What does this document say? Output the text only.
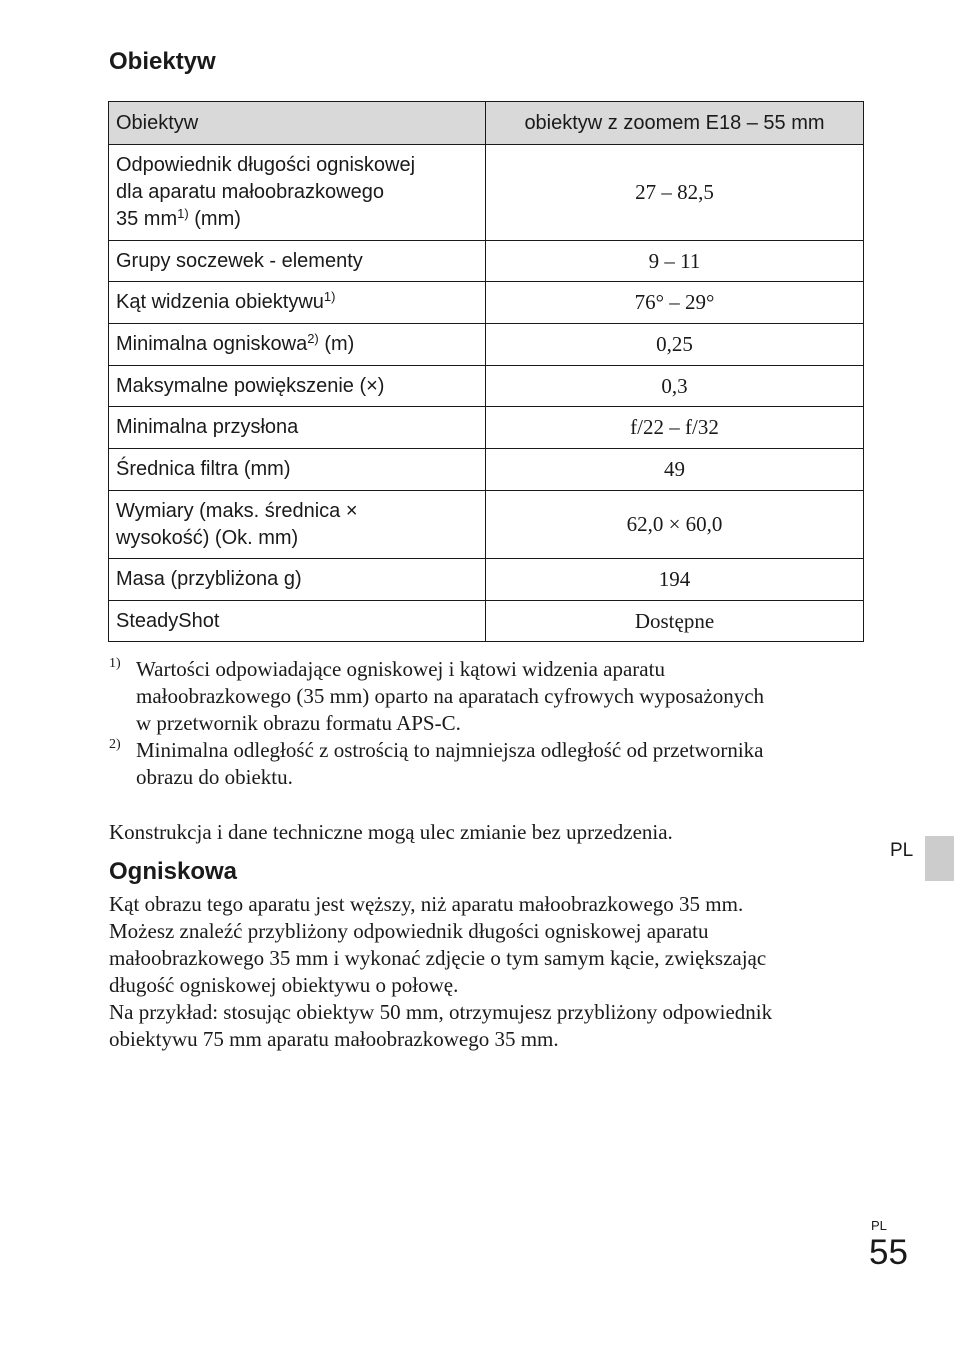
Obiektyw
Obiektyw	obiektyw z zoomem E18 – 55 mm
Odpowiednik długości ogniskowej
dla aparatu małoobrazkowego
35 $mm^{1)}$ (mm)	27 – 82,5
Grupy soczewek - elementy	9 – 11
Kąt widzenia obiektywu$^{1)}$	76° – 29°
Minimalna ogniskowa$^{2)}$ (m)	0,25
Maksymalne powiększenie (×)	0,3
Minimalna przysłona	f/22 – f/32
Średnica filtra (mm)	49
Wymiary (maks. średnica ×
wysokość) (Ok. mm)	62,0 × 60,0
Masa (przybliżona g)	194
SteadyShot	Dostępne
1) Wartości odpowiadające ogniskowej i kątowi widzenia aparatu
małoobrazkowego (35 mm) oparto na aparatach cyfrowych wyposażonych
w przetwornik obrazu formatu APS-C.
2) Minimalna odległość z ostrością to najmniejsza odległość od przetwornika
obrazu do obiektu.
Konstrukcja i dane techniczne mogą ulec zmianie bez uprzedzenia.
Ogniskowa
Kąt obrazu tego aparatu jest węższy, niż aparatu małoobrazkowego 35 mm.
Możesz znaleźć przybliżony odpowiednik długości ogniskowej aparatu
małoobrazkowego 35 mm i wykonać zdjęcie o tym samym kącie, zwiększając
długość ogniskowej obiektywu o połowę.
Na przykład: stosując obiektyw 50 mm, otrzymujesz przybliżony odpowiednik
obiektywu 75 mm aparatu małoobrazkowego 35 mm.
PL
PL
55
